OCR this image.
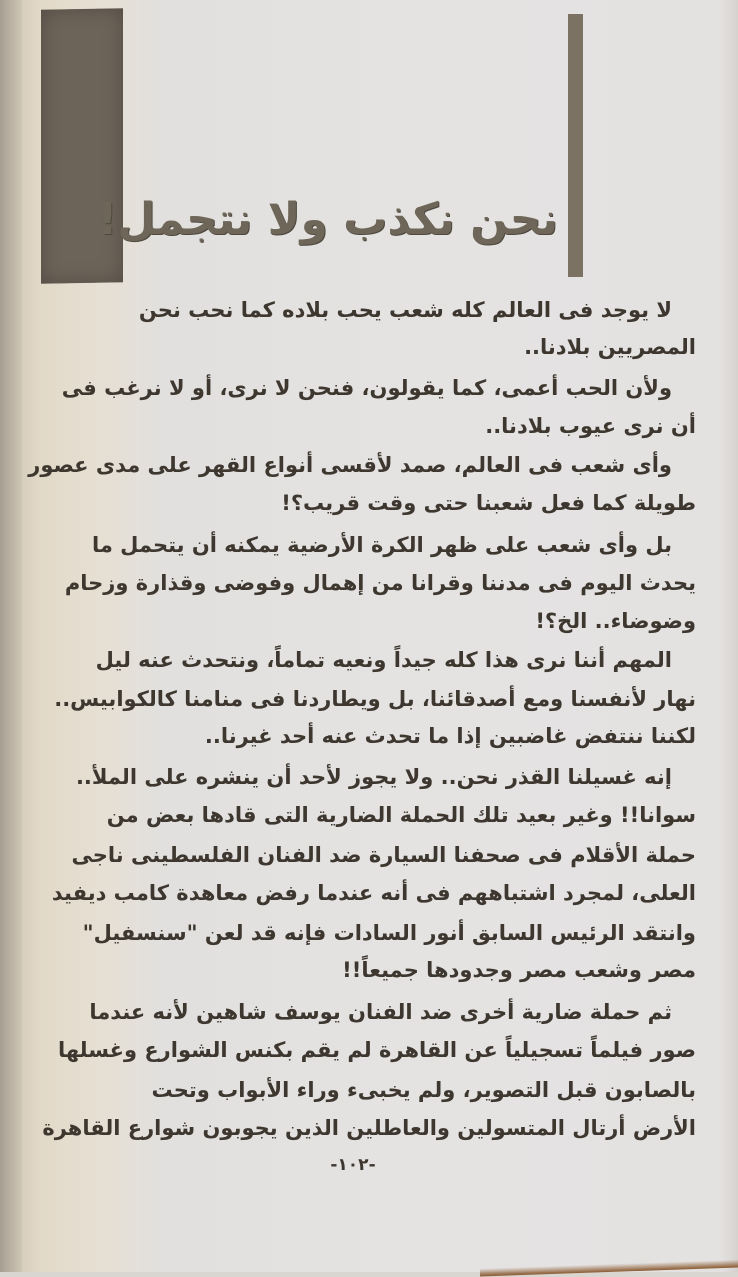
نحن نكذب ولا نتجمل!
لا يوجد فى العالم كله شعب يحب بلاده كما نحب نحن
المصريين بلادنا..
ولأن الحب أعمى، كما يقولون، فنحن لا نرى، أو لا نرغب فى
أن نرى عيوب بلادنا..
وأى شعب فى العالم، صمد لأقسى أنواع القهر على مدى عصور
طويلة كما فعل شعبنا حتى وقت قريب؟!
بل وأى شعب على ظهر الكرة الأرضية يمكنه أن يتحمل ما
يحدث اليوم فى مدننا وقرانا من إهمال وفوضى وقذارة وزحام
وضوضاء.. الخ؟!
المهم أننا نرى هذا كله جيداً ونعيه تماماً، ونتحدث عنه ليل
نهار لأنفسنا ومع أصدقائنا، بل ويطاردنا فى منامنا كالكوابيس..
لكننا ننتفض غاضبين إذا ما تحدث عنه أحد غيرنا..
إنه غسيلنا القذر نحن.. ولا يجوز لأحد أن ينشره على الملأ..
سوانا!! وغير بعيد تلك الحملة الضارية التى قادها بعض من
حملة الأقلام فى صحفنا السيارة ضد الفنان الفلسطينى ناجى
العلى، لمجرد اشتباههم فى أنه عندما رفض معاهدة كامب ديفيد
وانتقد الرئيس السابق أنور السادات فإنه قد لعن "سنسفيل"
مصر وشعب مصر وجدودها جميعاً!!
ثم حملة ضارية أخرى ضد الفنان يوسف شاهين لأنه عندما
صور فيلماً تسجيلياً عن القاهرة لم يقم بكنس الشوارع وغسلها
بالصابون قبل التصوير، ولم يخبىء وراء الأبواب وتحت
الأرض أرتال المتسولين والعاطلين الذين يجوبون شوارع القاهرة
-١٠٢-
